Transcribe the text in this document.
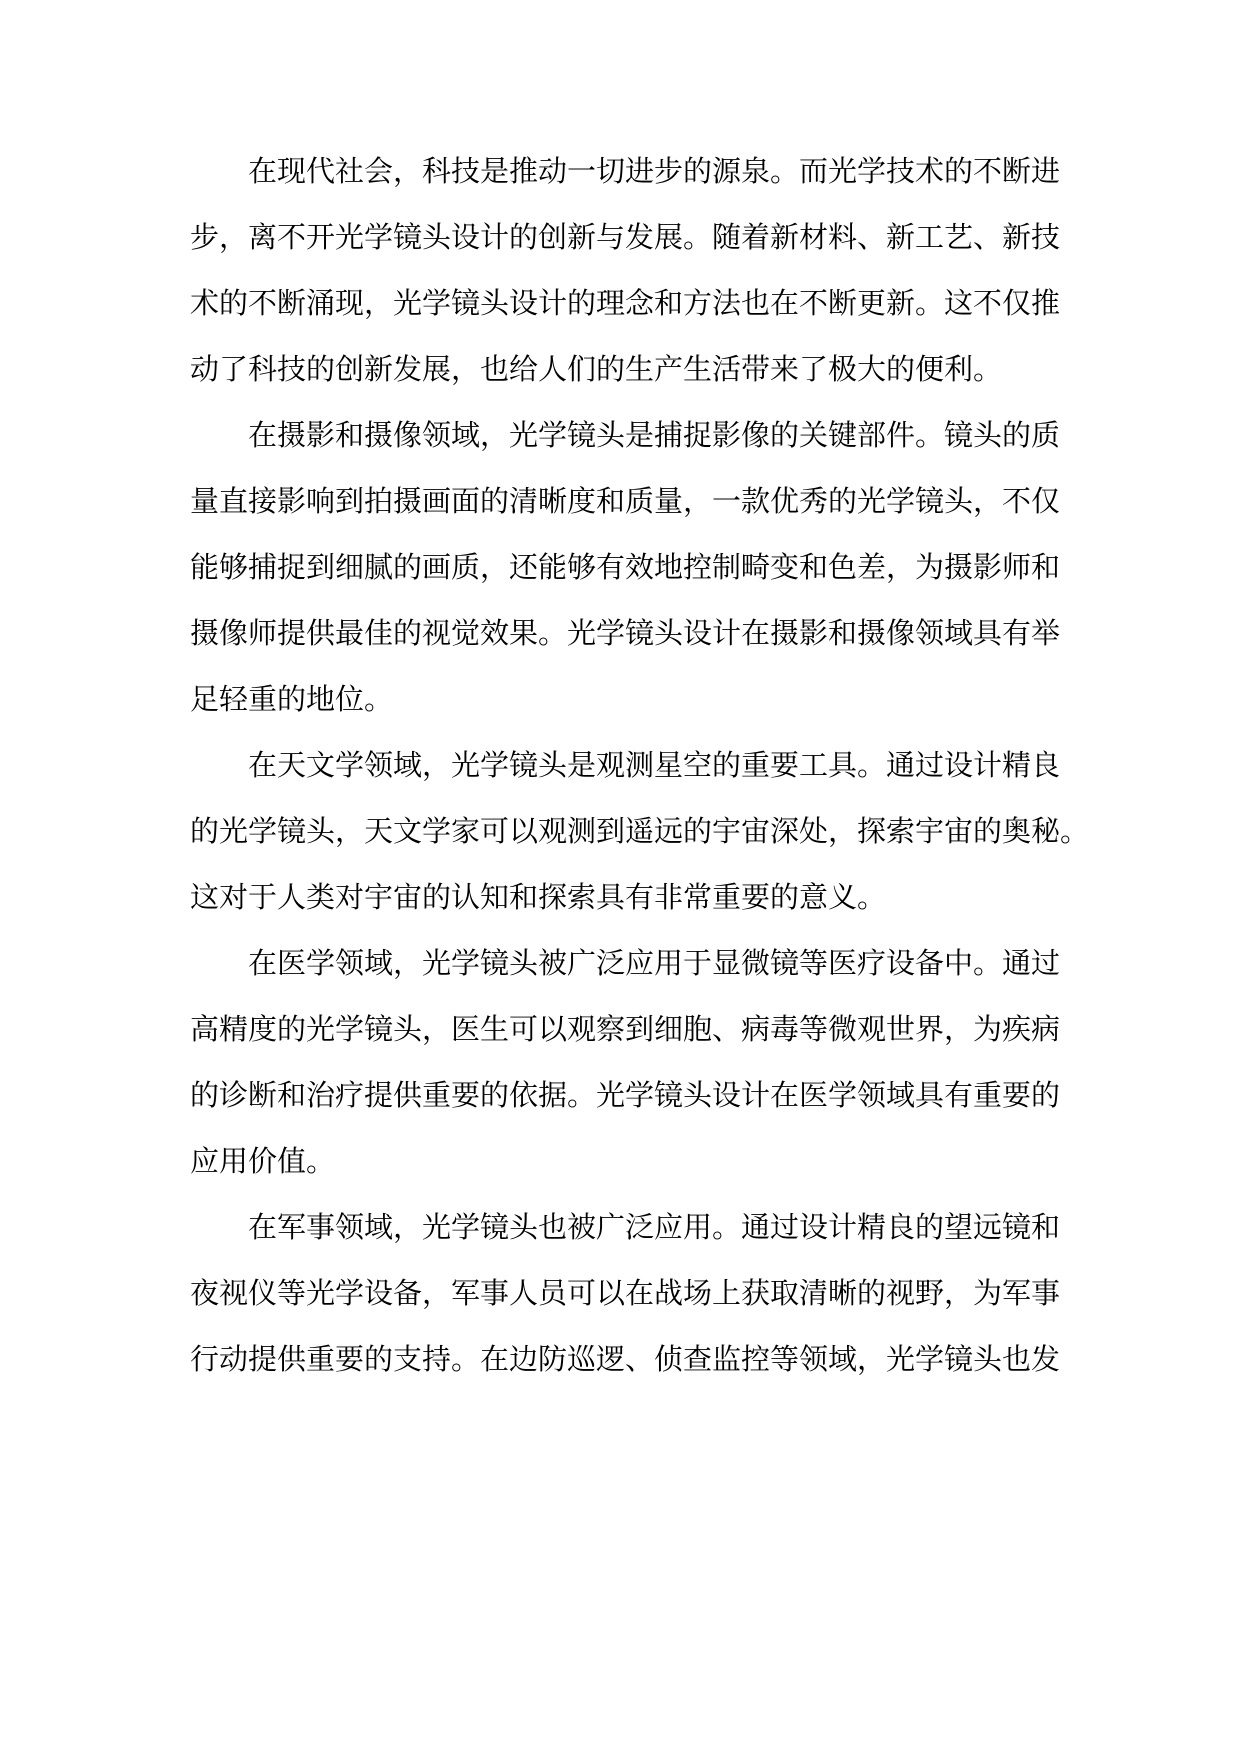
在现代社会，科技是推动一切进步的源泉。而光学技术的不断进
步，离不开光学镜头设计的创新与发展。随着新材料、新工艺、新技
术的不断涌现，光学镜头设计的理念和方法也在不断更新。这不仅推
动了科技的创新发展，也给人们的生产生活带来了极大的便利。
在摄影和摄像领域，光学镜头是捕捉影像的关键部件。镜头的质
量直接影响到拍摄画面的清晰度和质量，一款优秀的光学镜头，不仅
能够捕捉到细腻的画质，还能够有效地控制畸变和色差，为摄影师和
摄像师提供最佳的视觉效果。光学镜头设计在摄影和摄像领域具有举
足轻重的地位。
在天文学领域，光学镜头是观测星空的重要工具。通过设计精良
的光学镜头，天文学家可以观测到遥远的宇宙深处，探索宇宙的奥秘。
这对于人类对宇宙的认知和探索具有非常重要的意义。
在医学领域，光学镜头被广泛应用于显微镜等医疗设备中。通过
高精度的光学镜头，医生可以观察到细胞、病毒等微观世界，为疾病
的诊断和治疗提供重要的依据。光学镜头设计在医学领域具有重要的
应用价值。
在军事领域，光学镜头也被广泛应用。通过设计精良的望远镜和
夜视仪等光学设备，军事人员可以在战场上获取清晰的视野，为军事
行动提供重要的支持。在边防巡逻、侦查监控等领域，光学镜头也发
